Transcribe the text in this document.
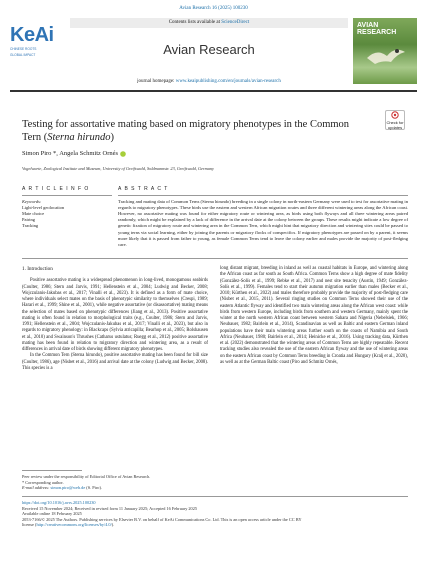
Avian Research 16 (2025) 100230
KeAi
CHINESE ROOTS
GLOBAL IMPACT
Contents lists available at ScienceDirect
Avian Research
journal homepage: www.keaipublishing.com/en/journals/avian-research
AVIAN RESEARCH
Testing for assortative mating based on migratory phenotypes in the Common Tern (Sterna hirundo)
Check for
updates
Simon Piro *, Angela Schmitz Ornés
Vogelwarte, Zoological Institute and Museum, University of Greifswald, Soldmannstr. 23, Greifswald, Germany
A R T I C L E I N F O
Keywords:
Light-level geolocation
Mate choice
Pairing
Tracking
A B S T R A C T
Tracking and mating data of Common Terns (Sterna hirundo) breeding in a single colony in north-eastern Germany were used to test for assortative mating in regards to migratory phenotypes. These birds use the eastern and western African migration routes and three different wintering areas along the African coast. However, no assortative mating was found for either migratory route or wintering area, as birds using both flyways and all three wintering areas paired randomly, which might be explained by a lack of difference in the arrival date at the colony between the groups. These results might indicate a low degree of genetic fixation of migratory route and wintering area in the Common Tern, which might hint that migratory direction and wintering sites could be passed to young terns via social learning, either by joining the parents or migratory flocks of conspecifics. If migratory phenotypes are passed on by a parent, it seems more likely that it is passed from father to young, as female Common Terns tend to leave the colony earlier and males provide the majority of post-fledging care.
1. Introduction

Positive assortative mating is a widespread phenomenon in long-lived, monogamous seabirds (Coulter, 1986; Stern and Jarvis, 1991; Hellenstein et al., 2004; Ludwig and Becker, 2008; Wojczulanis-Jakubas et al., 2017; Vinalli et al., 2023). It is defined as a form of mate choice, where individuals select mates on the basis of phenotypic similarity to themselves (Crespi, 1989; Harari et al., 1999; Shine et al., 2001), while negative assortative (or disassortative) mating means the selection of mates based on phenotypic differences (Jiang et al., 2013). Positive assortative mating is often found in relation to morphological traits (e.g., Coulter, 1986; Stern and Jarvis, 1991; Hellenstein et al., 2004; Wojczulanis-Jakubas et al., 2017; Vinalli et al., 2023), but also in regards to migratory phenology: in Blackcaps (Sylvia atricapilla; Bearhop et al., 2005; Rolshausen et al., 2010) and Swainson's Thrushes (Catharus ustulatus; Ruegg et al., 2012) positive assortative mating has been found in relation to migratory direction and wintering area, as a result of differences in arrival date of birds showing different migratory phenotypes.

In the Common Tern (Sterna hirundo), positive assortative mating has been found for bill size (Coulter, 1986), age (Nisbet et al., 2016) and arrival date at the colony (Ludwig and Becker, 2008). This species is a

long distant migrant, breeding in inland as well as coastal habitats in Europe, and wintering along the African coast as far south as South Africa. Common Terns show a high degree of mate fidelity (González-Solís et al., 1999; Rebke et al., 2017) and nest site tenacity (Austin, 1949; González-Solís et al., 1999). Females tend to start their autumn migration earlier than males (Becker et al., 2010; Kürthen et al., 2022) and males therefore probably provide the majority of post-fledging care (Nisbet et al., 2015, 2011). Several ringing studies on Common Terns showed their use of the eastern Atlantic flyway and identified two main wintering areas along the African west coast: while birds from western Europe, including birds from southern and western Germany, mainly spent the winter at the north western African coast between western Sahara and Nigeria (Nebelsiek, 1966; Neubauer, 1982; Bairlein et al., 2014), Scandinavian as well as Baltic and eastern German inland populations have their main wintering areas further south on the coasts of Namibia and South Africa (Neubauer, 1980; Bairlein et al., 2014; Heinicke et al., 2016). Using tracking data, Kürthen et al. (2022) demonstrated that the wintering areas of Common Terns are highly repeatable. Recent tracking studies also revealed the use of the eastern African flyway and the use of wintering areas on the eastern African coast by Common Terns breeding in Croatia and Hungary (Kralj et al., 2020), as well as at the German Baltic coast (Piro and Schmitz Ornés,

Peer review under the responsibility of Editorial Office of Avian Research.
* Corresponding author.
E-mail address: simon.piro@web.de (S. Piro).
https://doi.org/10.1016/j.avrs.2025.100230
Received 15 November 2024; Received in revised form 11 January 2025; Accepted 16 February 2025
Available online 18 February 2025
2053-7166/© 2025 The Authors. Publishing services by Elsevier B.V. on behalf of KeAi Communications Co. Ltd. This is an open access article under the CC BY
license (http://creativecommons.org/licenses/by/4.0/).
